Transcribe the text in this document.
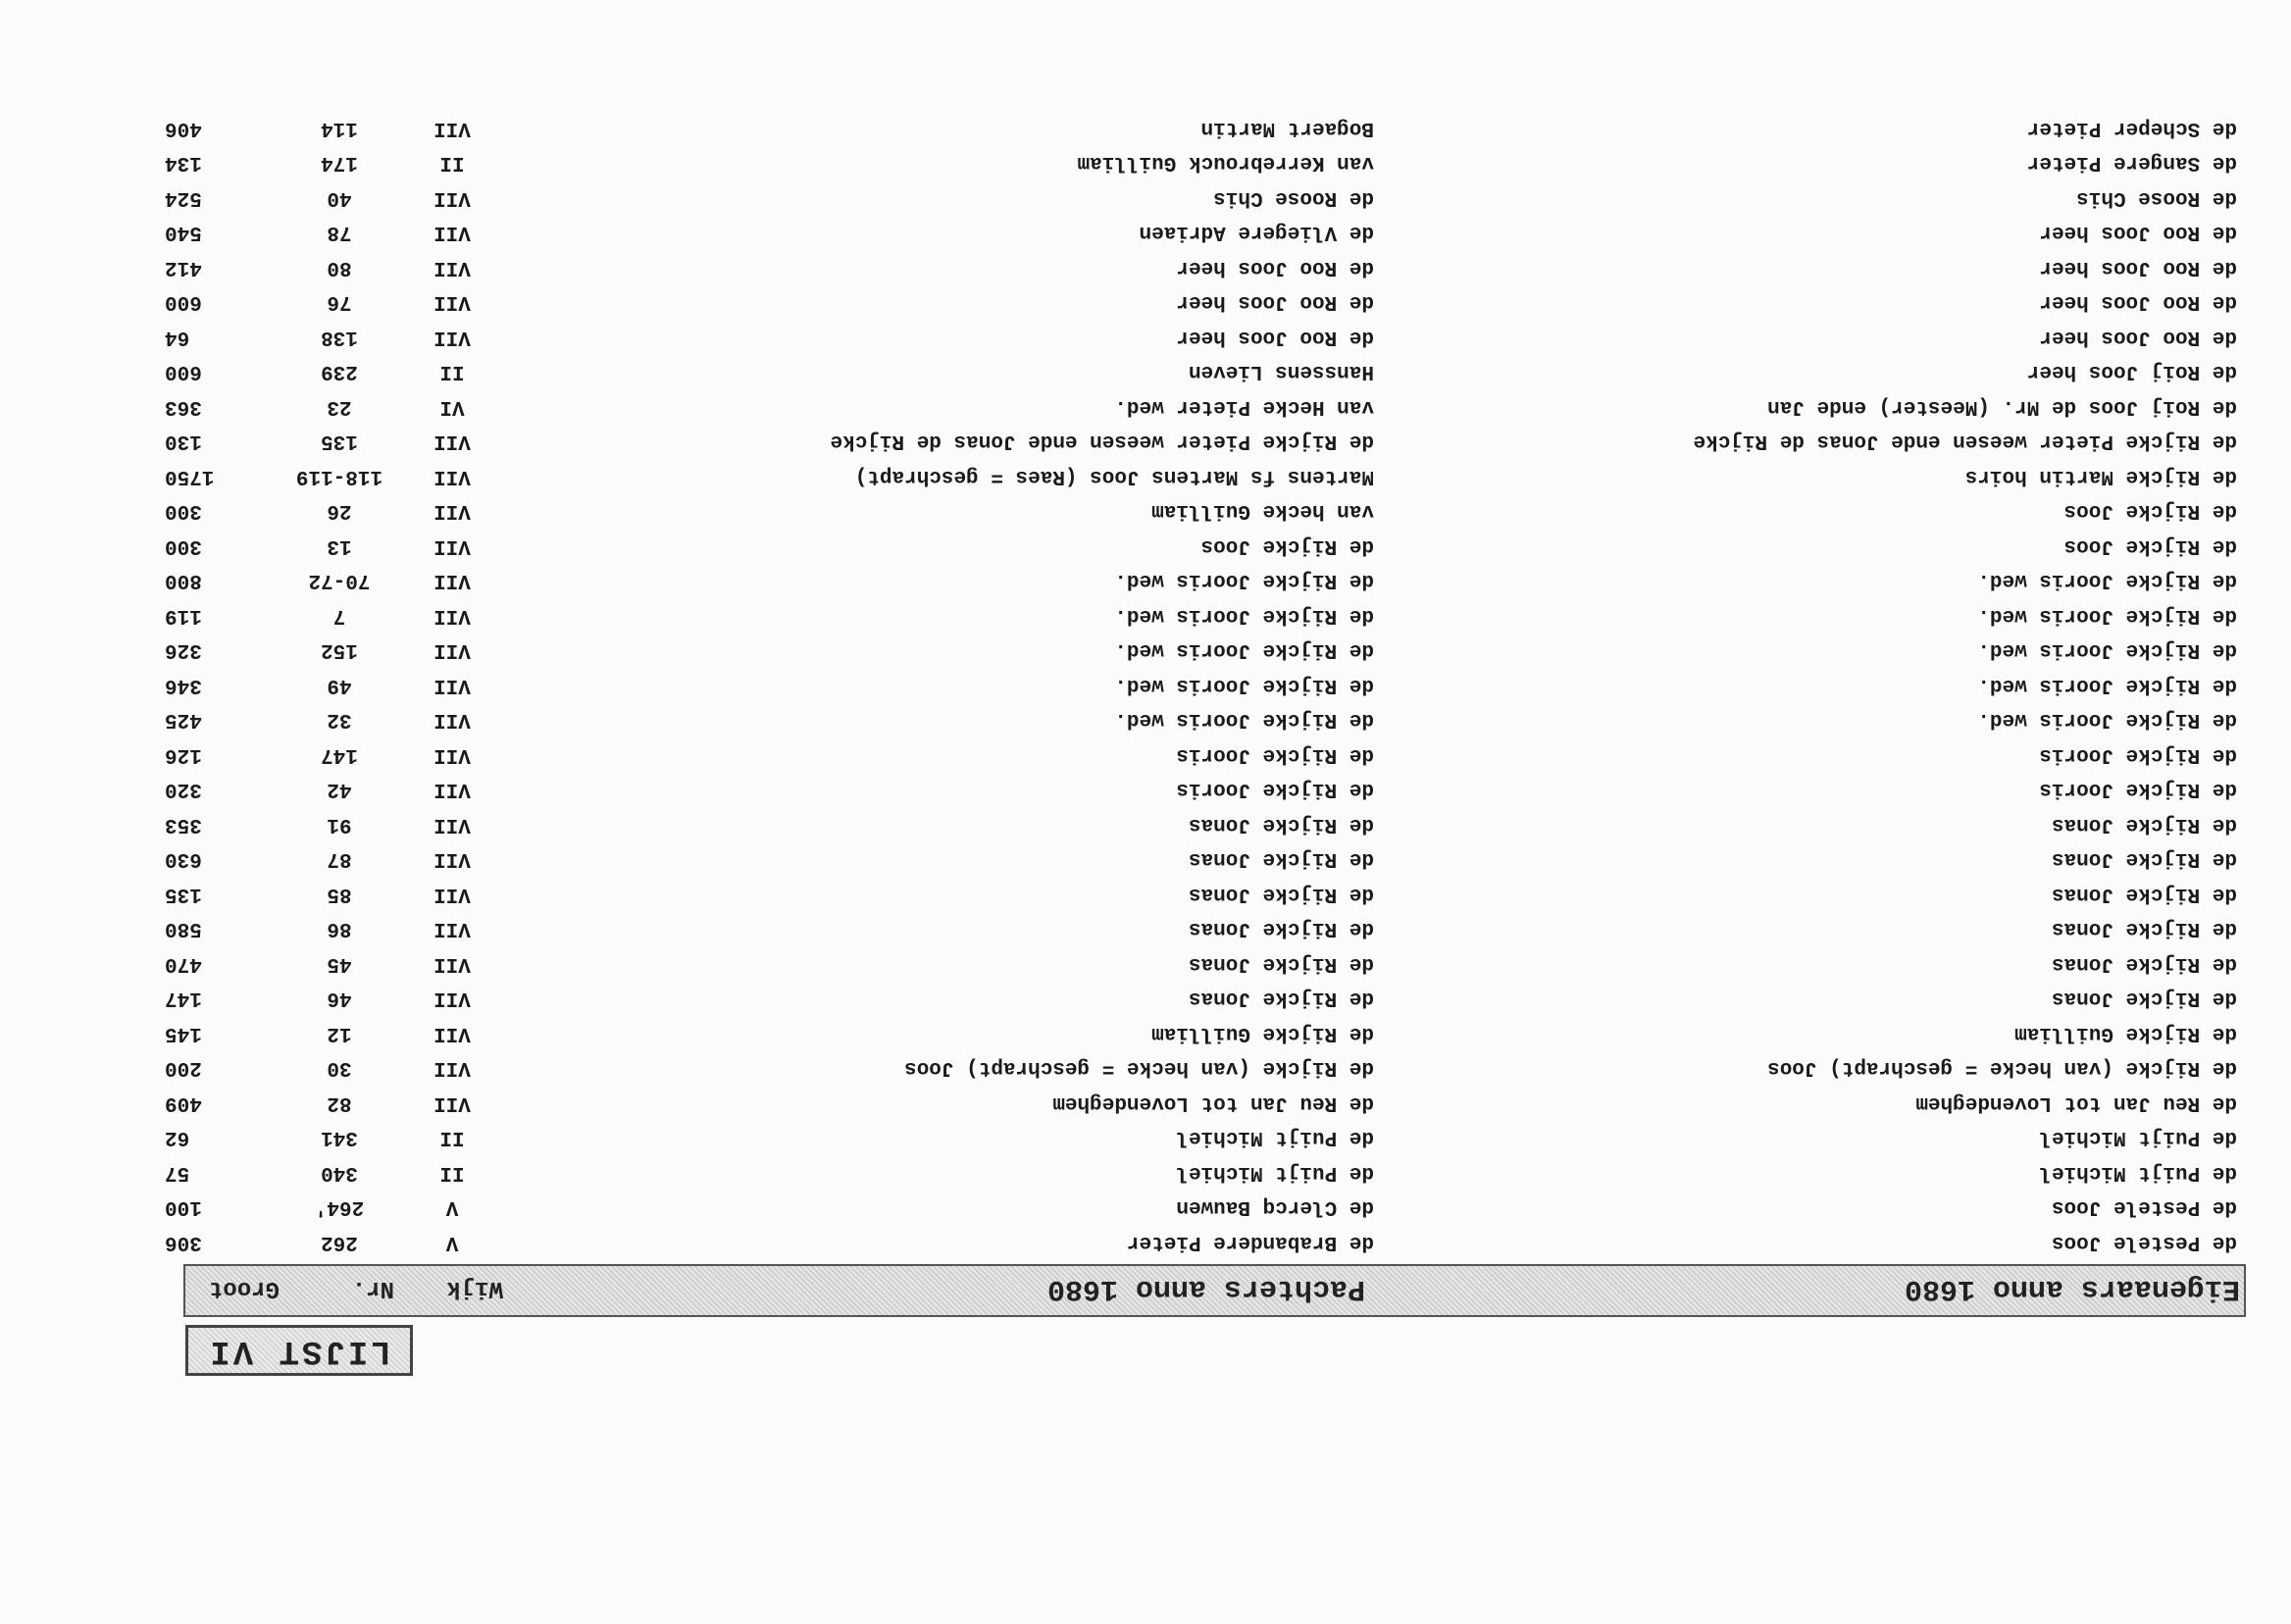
LIJST VI
Eigenaars anno 1680
Pachters anno 1680
Wijk
Nr.
Groot
de Pestele Joos
de Brabandere Pieter
V
262
306
de Pestele Joos
de Clercq Bauwen
V
264'
100
de Puijt Michiel
de Puijt Michiel
II
340
57
de Puijt Michiel
de Puijt Michiel
II
341
62
de Reu Jan tot Lovendeghem
de Reu Jan tot Lovendeghem
VII
82
409
de Rijcke (van hecke = geschrapt) Joos
de Rijcke (van hecke = geschrapt) Joos
VII
30
200
de Rijcke Guilliam
de Rijcke Guilliam
VII
12
145
de Rijcke Jonas
de Rijcke Jonas
VII
46
147
de Rijcke Jonas
de Rijcke Jonas
VII
45
470
de Rijcke Jonas
de Rijcke Jonas
VII
86
580
de Rijcke Jonas
de Rijcke Jonas
VII
85
135
de Rijcke Jonas
de Rijcke Jonas
VII
87
630
de Rijcke Jonas
de Rijcke Jonas
VII
91
353
de Rijcke Jooris
de Rijcke Jooris
VII
42
320
de Rijcke Jooris
de Rijcke Jooris
VII
147
126
de Rijcke Jooris wed.
de Rijcke Jooris wed.
VII
32
425
de Rijcke Jooris wed.
de Rijcke Jooris wed.
VII
49
346
de Rijcke Jooris wed.
de Rijcke Jooris wed.
VII
152
326
de Rijcke Jooris wed.
de Rijcke Jooris wed.
VII
7
119
de Rijcke Jooris wed.
de Rijcke Jooris wed.
VII
70-72
800
de Rijcke Joos
de Rijcke Joos
VII
13
300
de Rijcke Joos
van hecke Guilliam
VII
26
300
de Rijcke Martin hoirs
Martens fs Martens Joos (Raes = geschrapt)
VII
118-119
1750
de Rijcke Pieter weesen ende Jonas de Rijcke
de Rijcke Pieter weesen ende Jonas de Rijcke
VII
135
130
de Roij Joos de Mr. (Meester) ende Jan
van Hecke Pieter wed.
VI
23
363
de Roij Joos heer
Hanssens Lieven
II
239
600
de Roo Joos heer
de Roo Joos heer
VII
138
64
de Roo Joos heer
de Roo Joos heer
VII
76
600
de Roo Joos heer
de Roo Joos heer
VII
80
412
de Roo Joos heer
de Vliegere Adriaen
VII
78
540
de Roose Chis
de Roose Chis
VII
40
524
de Sangere Pieter
van Kerrebrouck Guilliam
II
174
134
de Scheper Pieter
Bogaert Martin
VII
114
406
